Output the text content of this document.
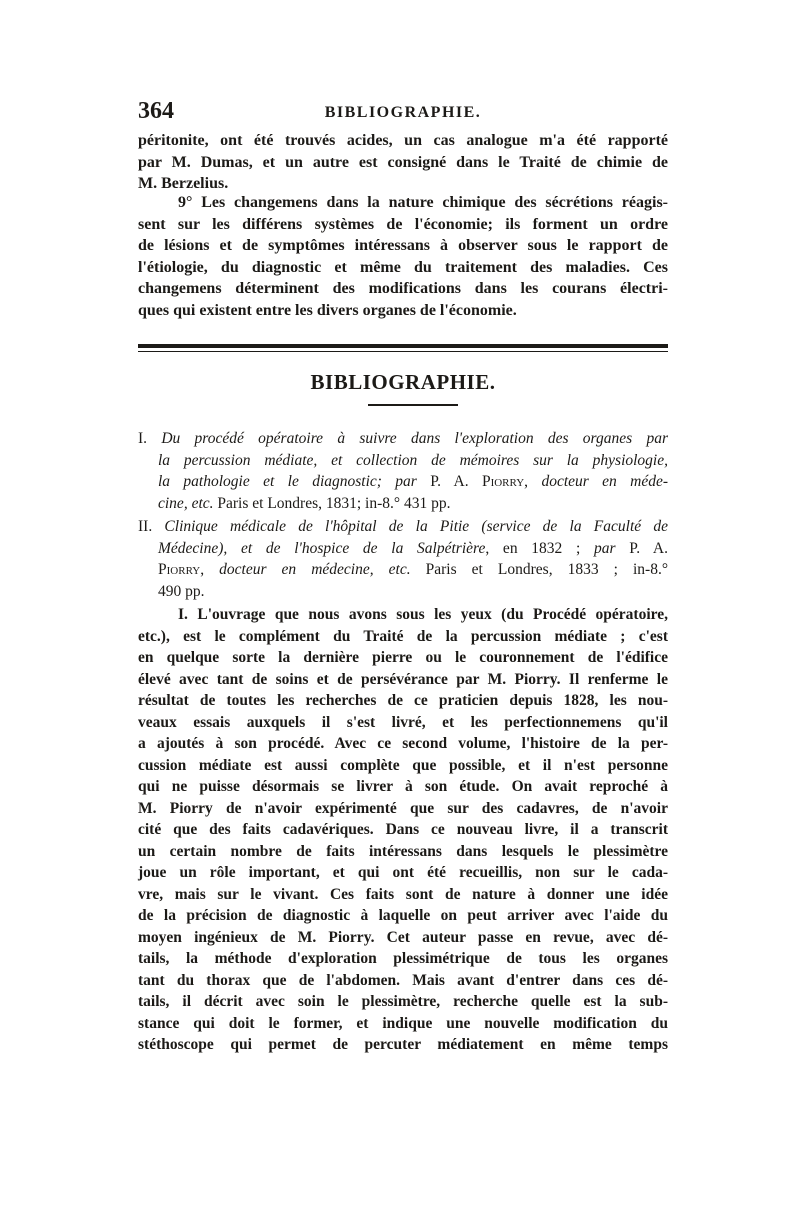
364	BIBLIOGRAPHIE.
péritonite, ont été trouvés acides, un cas analogue m'a été rapporté
par M. Dumas, et un autre est consigné dans le Traité de chimie de
M. Berzelius.
9° Les changemens dans la nature chimique des sécrétions réagis-
sent sur les différens systèmes de l'économie; ils forment un ordre
de lésions et de symptômes intéressans à observer sous le rapport de
l'étiologie, du diagnostic et même du traitement des maladies. Ces
changemens déterminent des modifications dans les courans électri-
ques qui existent entre les divers organes de l'économie.
BIBLIOGRAPHIE.
I. Du procédé opératoire à suivre dans l'exploration des organes par
la percussion médiate, et collection de mémoires sur la physiologie,
la pathologie et le diagnostic; par P. A. Piorry, docteur en méde-
cine, etc. Paris et Londres, 1831; in-8.° 431 pp.
II. Clinique médicale de l'hôpital de la Pitie (service de la Faculté de
Médecine), et de l'hospice de la Salpétrière, en 1832 ; par P. A.
Piorry, docteur en médecine, etc. Paris et Londres, 1833 ; in-8.°
490 pp.
I. L'ouvrage que nous avons sous les yeux (du Procédé opératoire,
etc.), est le complément du Traité de la percussion médiate ; c'est
en quelque sorte la dernière pierre ou le couronnement de l'édifice
élevé avec tant de soins et de persévérance par M. Piorry. Il renferme le
résultat de toutes les recherches de ce praticien depuis 1828, les nou-
veaux essais auxquels il s'est livré, et les perfectionnemens qu'il
a ajoutés à son procédé. Avec ce second volume, l'histoire de la per-
cussion médiate est aussi complète que possible, et il n'est personne
qui ne puisse désormais se livrer à son étude. On avait reproché à
M. Piorry de n'avoir expérimenté que sur des cadavres, de n'avoir
cité que des faits cadavériques. Dans ce nouveau livre, il a transcrit
un certain nombre de faits intéressans dans lesquels le plessimètre
joue un rôle important, et qui ont été recueillis, non sur le cada-
vre, mais sur le vivant. Ces faits sont de nature à donner une idée
de la précision de diagnostic à laquelle on peut arriver avec l'aide du
moyen ingénieux de M. Piorry. Cet auteur passe en revue, avec dé-
tails, la méthode d'exploration plessimétrique de tous les organes
tant du thorax que de l'abdomen. Mais avant d'entrer dans ces dé-
tails, il décrit avec soin le plessimètre, recherche quelle est la sub-
stance qui doit le former, et indique une nouvelle modification du
stéthoscope qui permet de percuter médiatement en même temps
